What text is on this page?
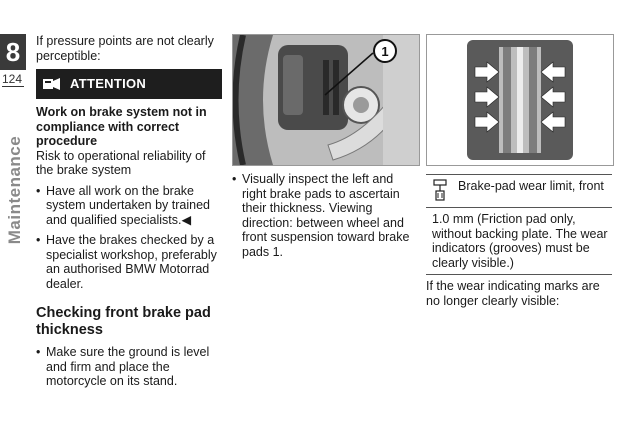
8
124
Maintenance

If pressure points are not clearly perceptible:

ATTENTION

Work on brake system not in compliance with correct procedure

Risk to operational reliability of the brake system

• Have all work on the brake system undertaken by trained and qualified specialists.◀
• Have the brakes checked by a specialist workshop, preferably an authorised BMW Motorrad dealer.
Checking front brake pad thickness
• Make sure the ground is level and firm and place the motorcycle on its stand.
1
• Visually inspect the left and right brake pads to ascertain their thickness. Viewing direction: between wheel and front suspension toward brake pads 1.
Brake-pad wear limit, front
1.0 mm (Friction pad only, without backing plate. The wear indicators (grooves) must be clearly visible.)

If the wear indicating marks are no longer clearly visible:
